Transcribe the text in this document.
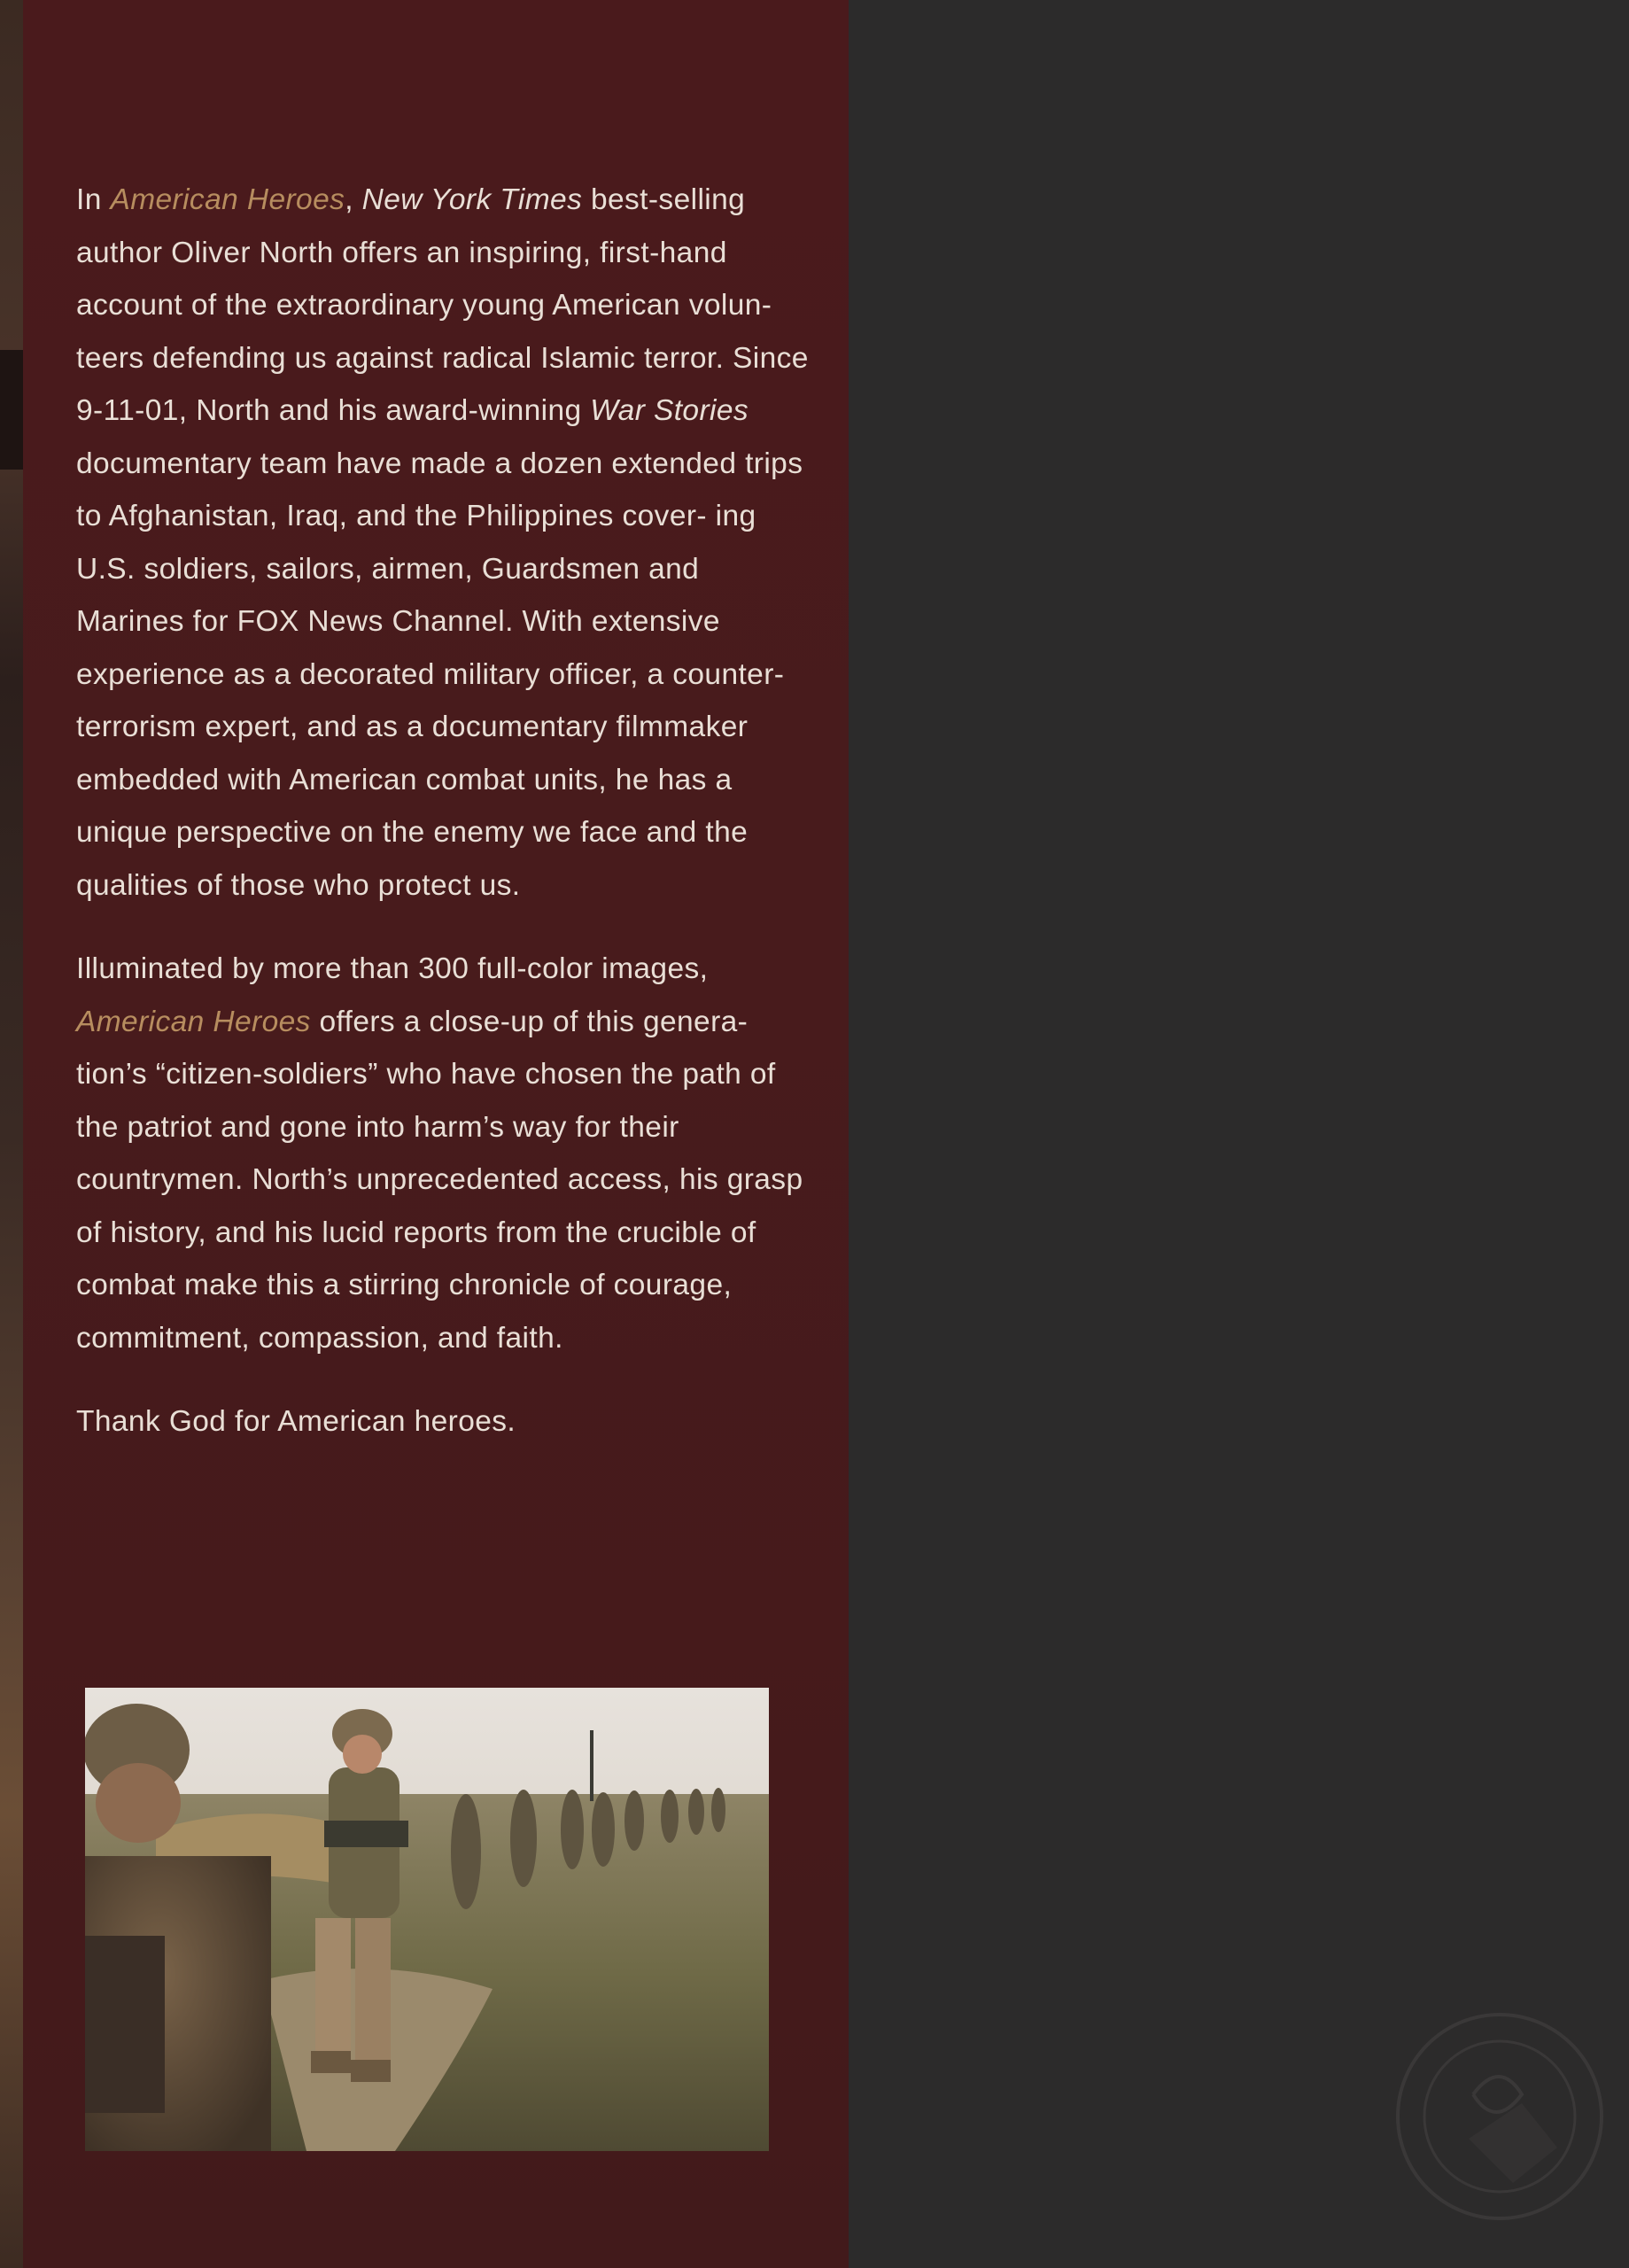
In American Heroes, New York Times best-selling author Oliver North offers an inspiring, first-hand account of the extraordinary young American volun- teers defending us against radical Islamic terror. Since 9-11-01, North and his award-winning War Stories documentary team have made a dozen extended trips to Afghanistan, Iraq, and the Philippines cover- ing U.S. soldiers, sailors, airmen, Guardsmen and Marines for FOX News Channel. With extensive experience as a decorated military officer, a counter- terrorism expert, and as a documentary filmmaker embedded with American combat units, he has a unique perspective on the enemy we face and the qualities of those who protect us.

Illuminated by more than 300 full-color images, American Heroes offers a close-up of this genera- tion’s “citizen-soldiers” who have chosen the path of the patriot and gone into harm’s way for their countrymen. North’s unprecedented access, his grasp of history, and his lucid reports from the crucible of combat make this a stirring chronicle of courage, commitment, compassion, and faith.

Thank God for American heroes.
